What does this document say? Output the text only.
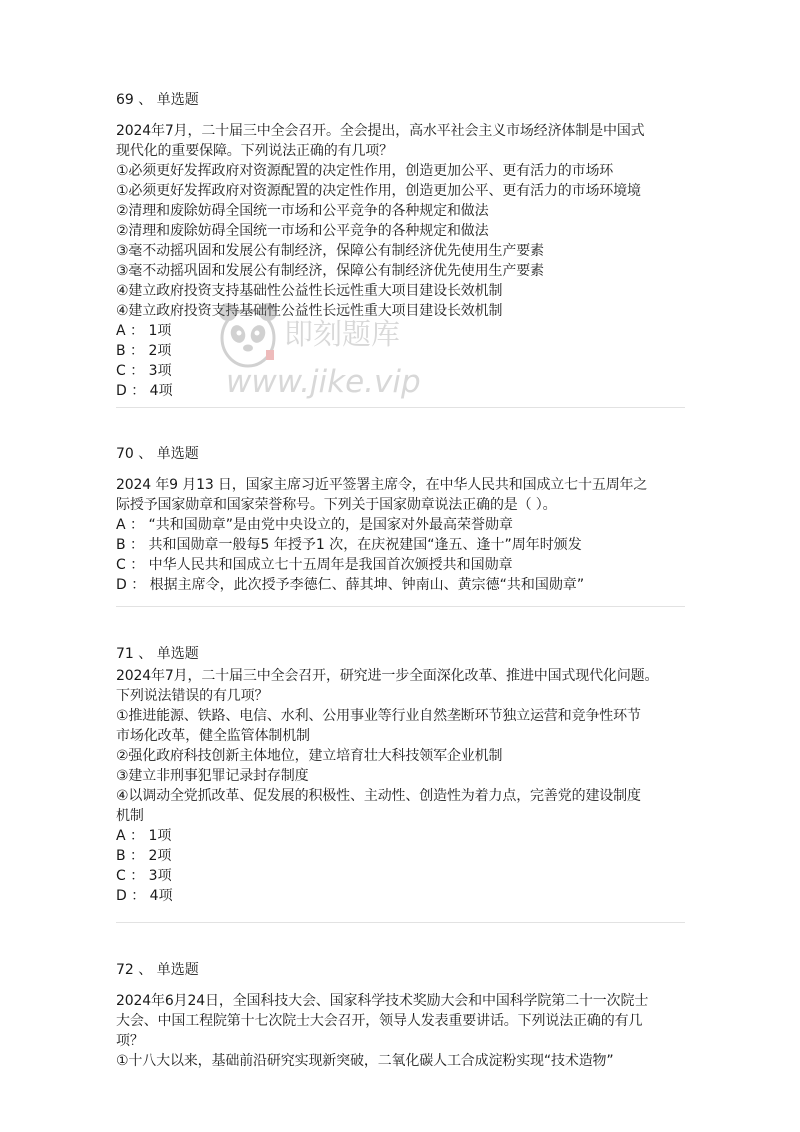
69 、 单选题
2024年7月，二十届三中全会召开。全会提出，高水平社会主义市场经济体制是中国式
现代化的重要保障。下列说法正确的有几项？
①必须更好发挥政府对资源配置的决定性作用，创造更加公平、更有活力的市场环
①必须更好发挥政府对资源配置的决定性作用，创造更加公平、更有活力的市场环境境
②清理和废除妨碍全国统一市场和公平竞争的各种规定和做法
②清理和废除妨碍全国统一市场和公平竞争的各种规定和做法
③毫不动摇巩固和发展公有制经济，保障公有制经济优先使用生产要素
③毫不动摇巩固和发展公有制经济，保障公有制经济优先使用生产要素
④建立政府投资支持基础性公益性长远性重大项目建设长效机制
④建立政府投资支持基础性公益性长远性重大项目建设长效机制
A ： 1项
B ： 2项
C ： 3项
D ： 4项
70 、 单选题
2024 年9 月13 日，国家主席习近平签署主席令，在中华人民共和国成立七十五周年之
际授予国家勋章和国家荣誉称号。下列关于国家勋章说法正确的是（ ）。
A ： “共和国勋章”是由党中央设立的，是国家对外最高荣誉勋章
B ： 共和国勋章一般每5 年授予1 次，在庆祝建国“逢五、逢十”周年时颁发
C ： 中华人民共和国成立七十五周年是我国首次颁授共和国勋章
D ： 根据主席令，此次授予李德仁、薛其坤、钟南山、黄宗德“共和国勋章”
71 、 单选题
2024年7月，二十届三中全会召开，研究进一步全面深化改革、推进中国式现代化问题。
下列说法错误的有几项？
①推进能源、铁路、电信、水利、公用事业等行业自然垄断环节独立运营和竞争性环节
市场化改革，健全监管体制机制
②强化政府科技创新主体地位，建立培育壮大科技领军企业机制
③建立非刑事犯罪记录封存制度
④以调动全党抓改革、促发展的积极性、主动性、创造性为着力点，完善党的建设制度
机制
A ： 1项
B ： 2项
C ： 3项
D ： 4项
72 、 单选题
2024年6月24日，全国科技大会、国家科学技术奖励大会和中国科学院第二十一次院士
大会、中国工程院第十七次院士大会召开，领导人发表重要讲话。下列说法正确的有几
项？
①十八大以来，基础前沿研究实现新突破，二氧化碳人工合成淀粉实现“技术造物”
即刻题库
www.jike.vip
